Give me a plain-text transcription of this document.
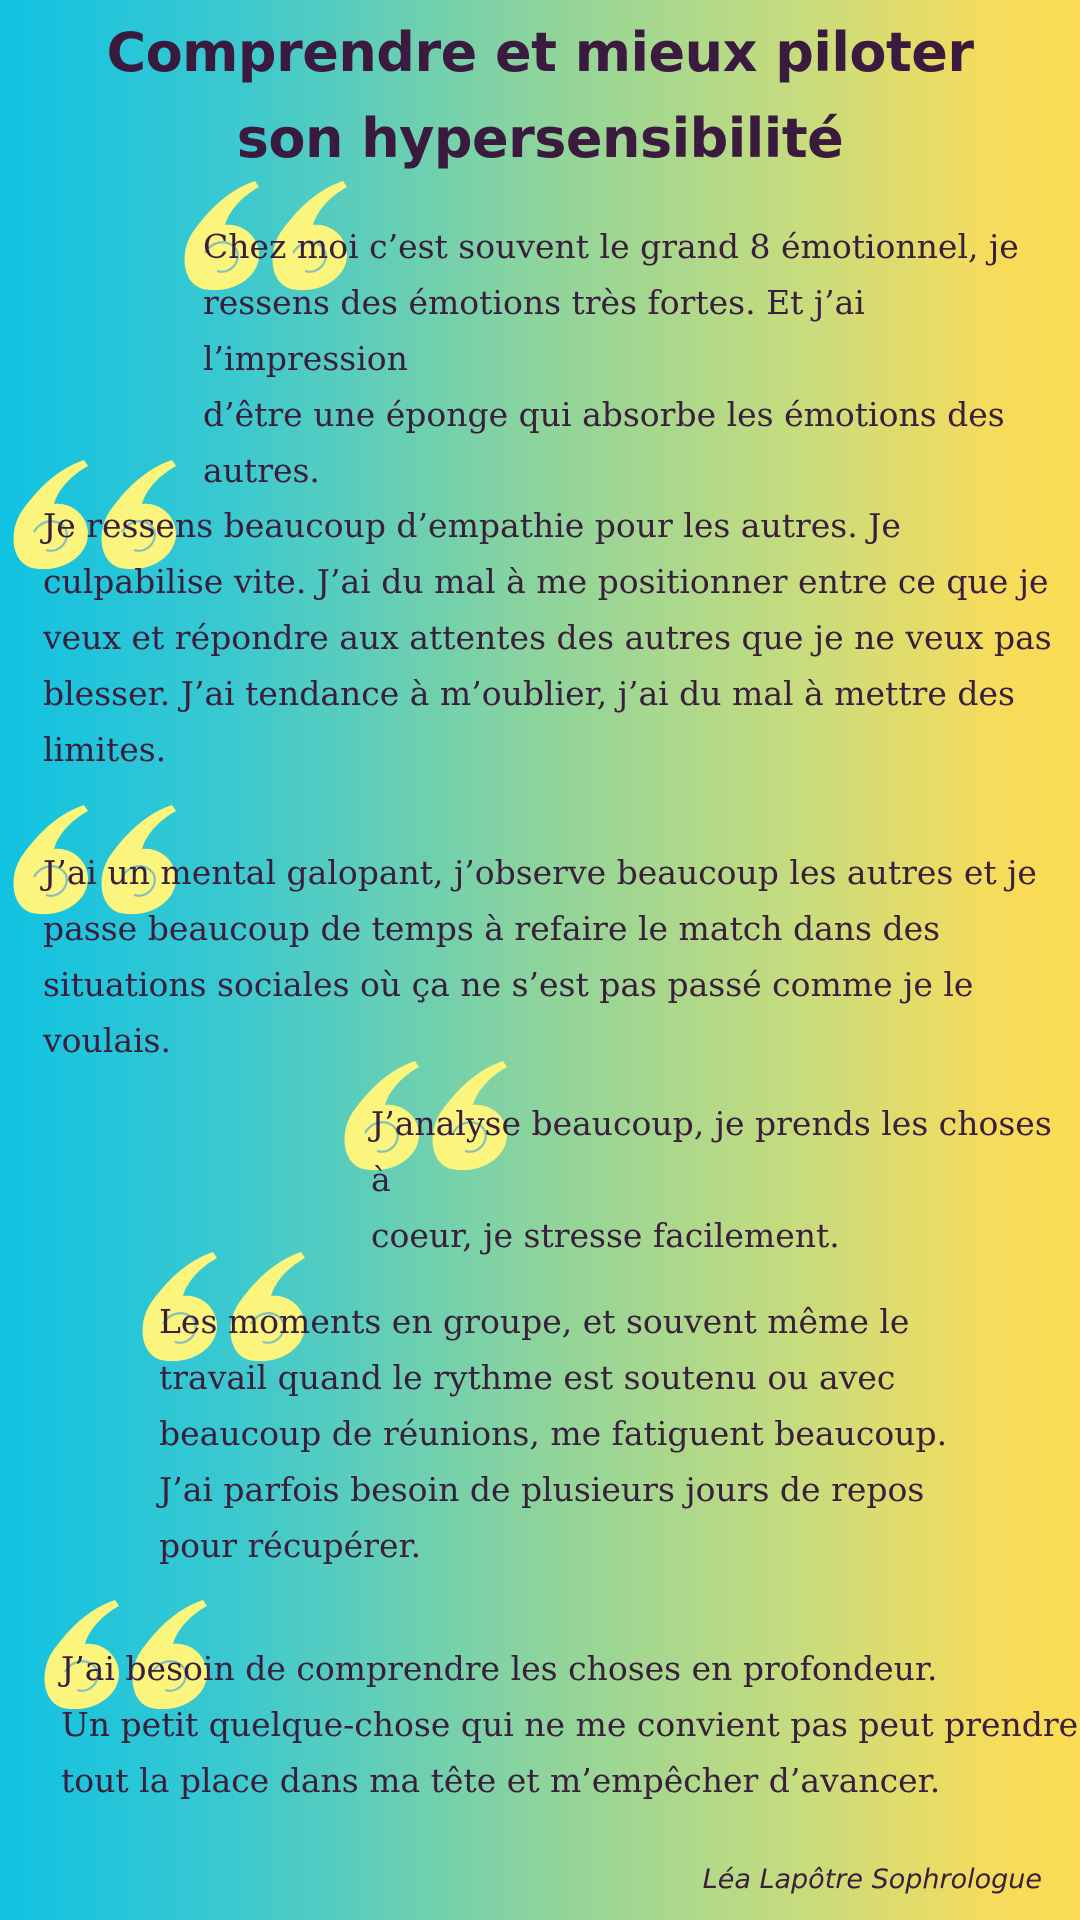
Comprendre et mieux piloter
son hypersensibilité

Chez moi c’est souvent le grand 8 émotionnel, je
ressens des émotions très fortes. Et j’ai l’impression
d’être une éponge qui absorbe les émotions des
autres.

Je ressens beaucoup d’empathie pour les autres. Je
culpabilise vite. J’ai du mal à me positionner entre ce que je
veux et répondre aux attentes des autres que je ne veux pas
blesser. J’ai tendance à m’oublier, j’ai du mal à mettre des
limites.

J’ai un mental galopant, j’observe beaucoup les autres et je
passe beaucoup de temps à refaire le match dans des
situations sociales où ça ne s’est pas passé comme je le voulais.

J’analyse beaucoup, je prends les choses à
coeur, je stresse facilement.

Les moments en groupe, et souvent même le
travail quand le rythme est soutenu ou avec
beaucoup de réunions, me fatiguent beaucoup.
J’ai parfois besoin de plusieurs jours de repos
pour récupérer.

J’ai besoin de comprendre les choses en profondeur.
Un petit quelque-chose qui ne me convient pas peut prendre
tout la place dans ma tête et m’empêcher d’avancer.

Léa Lapôtre Sophrologue
